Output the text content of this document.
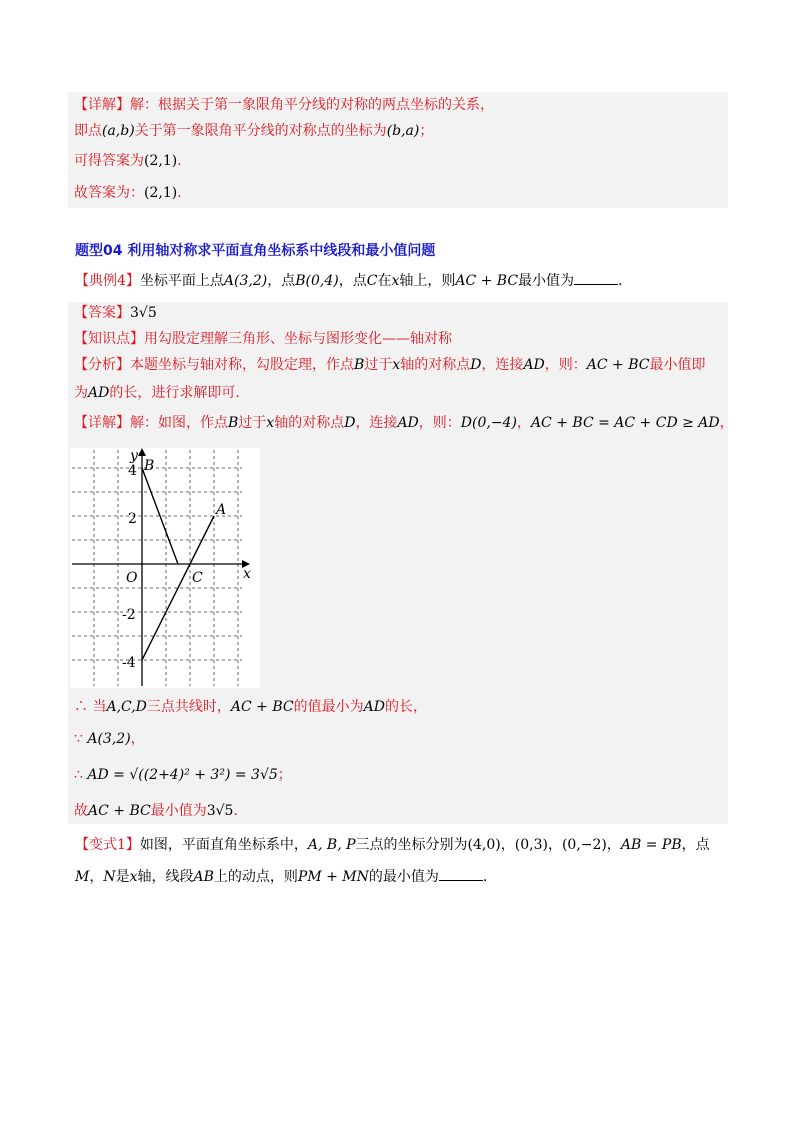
【详解】解：根据关于第一象限角平分线的对称的两点坐标的关系，
即点(a,b)关于第一象限角平分线的对称点的坐标为(b,a)；
可得答案为(2,1).
故答案为：(2,1).
题型04 利用轴对称求平面直角坐标系中线段和最小值问题
【典例4】坐标平面上点A(3,2)，点B(0,4)，点C在x轴上，则AC + BC最小值为	.
【答案】3√5
【知识点】用勾股定理解三角形、坐标与图形变化——轴对称
【分析】本题坐标与轴对称，勾股定理，作点B过于x轴的对称点D，连接AD，则：AC + BC最小值即
为AD的长，进行求解即可.
【详解】解：如图，作点B过于x轴的对称点D，连接AD，则：D(0,−4)，AC + BC = AC + CD ≥ AD，
y
B
A
O	C	x
4
2
-2
-4
∴ 当A,C,D三点共线时，AC + BC的值最小为AD的长，
∵ A(3,2)，
∴ AD = √((2+4)² + 3²) = 3√5；
故AC + BC最小值为3√5.
【变式1】如图，平面直角坐标系中，A, B, P三点的坐标分别为(4,0)，(0,3)，(0,−2)，AB = PB，点
M，N是x轴，线段AB上的动点，则PM + MN的最小值为	.
